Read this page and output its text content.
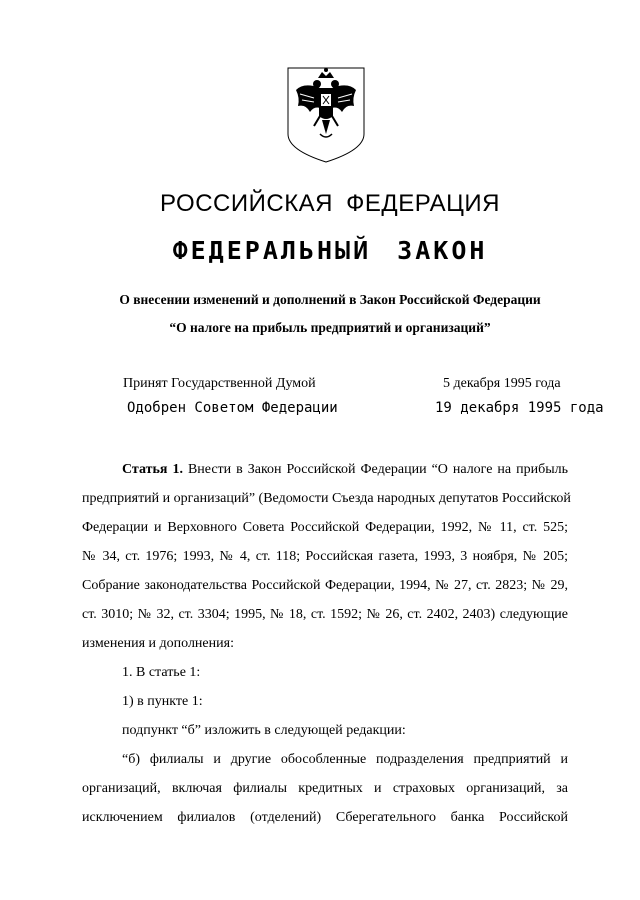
РОССИЙСКАЯ ФЕДЕРАЦИЯ
ФЕДЕРАЛЬНЫЙ ЗАКОН
О внесении изменений и дополнений в Закон Российской Федерации
“О налоге на прибыль предприятий и организаций”
Принят Государственной Думой	5 декабря 1995 года
Одобрен Советом Федерации	19 декабря 1995 года
Статья 1. Внести в Закон Российской Федерации “О налоге на прибыль
предприятий и организаций” (Ведомости Съезда народных депутатов Российской
Федерации и Верховного Совета Российской Федерации, 1992, № 11, ст. 525;
№ 34, ст. 1976; 1993, № 4, ст. 118; Российская газета, 1993, 3 ноября, № 205;
Собрание законодательства Российской Федерации, 1994, № 27, ст. 2823; № 29,
ст. 3010; № 32, ст. 3304; 1995, № 18, ст. 1592; № 26, ст. 2402, 2403) следующие
изменения и дополнения:
1. В статье 1:
1) в пункте 1:
подпункт “б” изложить в следующей редакции:
“б) филиалы и другие обособленные подразделения предприятий и
организаций, включая филиалы кредитных и страховых организаций, за
исключением филиалов (отделений) Сберегательного банка Российской
